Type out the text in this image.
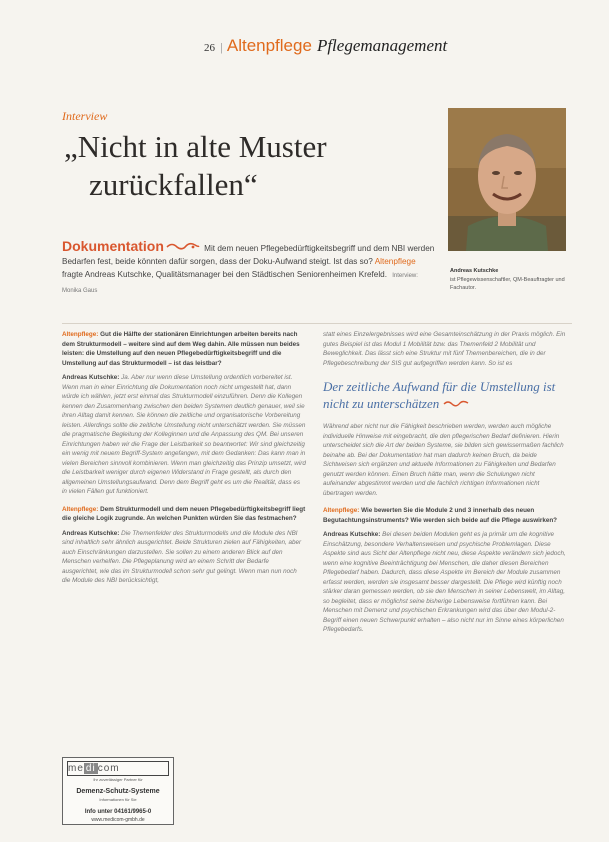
26 | Altenpflege Pflegemanagement
Interview
„Nicht in alte Muster
zurückfallen“
Andreas Kutschke
ist Pflegewissenschaftler, QM-Beauftragter und Fachautor.
Dokumentation	Mit dem neuen Pflegebedürftigkeitsbegriff und dem NBI werden Bedarfen fest, beide könnten dafür sorgen, dass der Doku-Aufwand steigt. Ist das so? Altenpflege fragte Andreas Kutschke, Qualitätsmanager bei den Städtischen Seniorenheimen Krefeld. Interview: Monika Gaus

Altenpflege: Gut die Hälfte der stationären Einrichtungen arbeiten bereits nach dem Strukturmodell – weitere sind auf dem Weg dahin. Alle müssen nun beides leisten: die Umstellung auf den neuen Pflegebedürftigkeitsbegriff und die Umstellung auf das Strukturmodell – ist das leistbar?

Andreas Kutschke: Ja. Aber nur wenn diese Umstellung ordentlich vorbereitet ist. Wenn man in einer Einrichtung die Dokumentation noch nicht umgestellt hat, dann würde ich wählen, jetzt erst einmal das Strukturmodell einzuführen. Denn die Kollegen kennen den Zusammenhang zwischen den beiden Systemen deutlich genauer, weil sie ihren Alltag damit kennen. Sie können die zeitliche und organisatorische Vorbereitung leisten. Allerdings sollte die zeitliche Umstellung nicht unterschätzt werden. Sie müssen die pragmatische Begleitung der Kolleginnen und die Anpassung des QM. Bei unseren Einrichtungen haben wir die Frage der Leistbarkeit so beantwortet: Wir sind gleichzeitig ein wenig mit neuem Begriff-System angefangen, mit dem Gedanken: Das kann man in vielen Bereichen sinnvoll kombinieren. Wenn man gleichzeitig das Prinzip umsetzt, wird die Leistbarkeit weniger durch eigenen Widerstand in Frage gestellt, als durch den allgemeinen Umstellungsaufwand. Denn dem Begriff geht es um die Realität, dass es in vielen Fällen gut funktioniert.

Altenpflege: Dem Strukturmodell und dem neuen Pflegebedürftigkeitsbegriff liegt die gleiche Logik zugrunde. An welchen Punkten würden Sie das festmachen?

Andreas Kutschke: Die Themenfelder des Strukturmodells und die Module des NBI sind inhaltlich sehr ähnlich ausgerichtet. Beide Strukturen zielen auf Fähigkeiten, aber auch Einschränkungen darzustellen. Sie sollen zu einem anderen Blick auf den Menschen verhelfen. Die Pflegeplanung wird an einem Schritt der Bedarfe ausgerichtet, wie das im Strukturmodell schon sehr gut gelingt. Wenn man nun noch die Module des NBI berücksichtigt,

statt eines Einzelergebnisses wird eine Gesamteinschätzung in der Praxis möglich. Ein gutes Beispiel ist das Modul 1 Mobilität bzw. das Themenfeld 2 Mobilität und Beweglichkeit. Das lässt sich eine Struktur mit fünf Themenbereichen, die in der Pflegebeschreibung der SIS gut aufgegriffen werden kann. So ist es

Der zeitliche Aufwand für die Umstellung ist nicht zu unterschätzen

Während aber nicht nur die Fähigkeit beschrieben werden, werden auch mögliche individuelle Hinweise mit eingebracht, die den pflegerischen Bedarf definieren. Hierin unterscheidet sich die Art der beiden Systeme, sie bilden sich gewissermaßen fachlich beinahe ab. Bei der Dokumentation hat man dadurch keinen Bruch, da beide Sichtweisen sich ergänzen und aktuelle Informationen zu Fähigkeiten und Bedarfen genutzt werden können. Einen Bruch hätte man, wenn die Schulungen nicht aufeinander abgestimmt werden und die fachlich richtigen Informationen nicht übertragen werden.

Altenpflege: Wie bewerten Sie die Module 2 und 3 innerhalb des neuen Begutachtungsinstruments? Wie werden sich beide auf die Pflege auswirken?

Andreas Kutschke: Bei diesen beiden Modulen geht es ja primär um die kognitive Einschätzung, besondere Verhaltensweisen und psychische Problemlagen. Diese Aspekte sind aus Sicht der Altenpflege nicht neu, diese Aspekte verändern sich jedoch, wenn eine kognitive Beeinträchtigung bei Menschen, die daher diesen Bereichen Pflegebedarf haben. Dadurch, dass diese Aspekte im Bereich der Module zusammen erfasst werden, werden sie insgesamt besser dargestellt. Die Pflege wird künftig noch stärker daran gemessen werden, ob sie den Menschen in seiner Lebenswelt, im Alltag, so begleitet, dass er möglichst seine bisherige Lebensweise fortführen kann. Bei Menschen mit Demenz und psychischen Erkrankungen wird das über den Modul-2-Begriff einen neuen Schwerpunkt erhalten – also nicht nur im Sinne eines körperlichen Pflegebedarfs.

me di com
Ihr zuverlässiger Partner für
Demenz-Schutz-Systeme
Informationen für Sie
Info unter 04161/9965-0
www.medicom-gmbh.de
